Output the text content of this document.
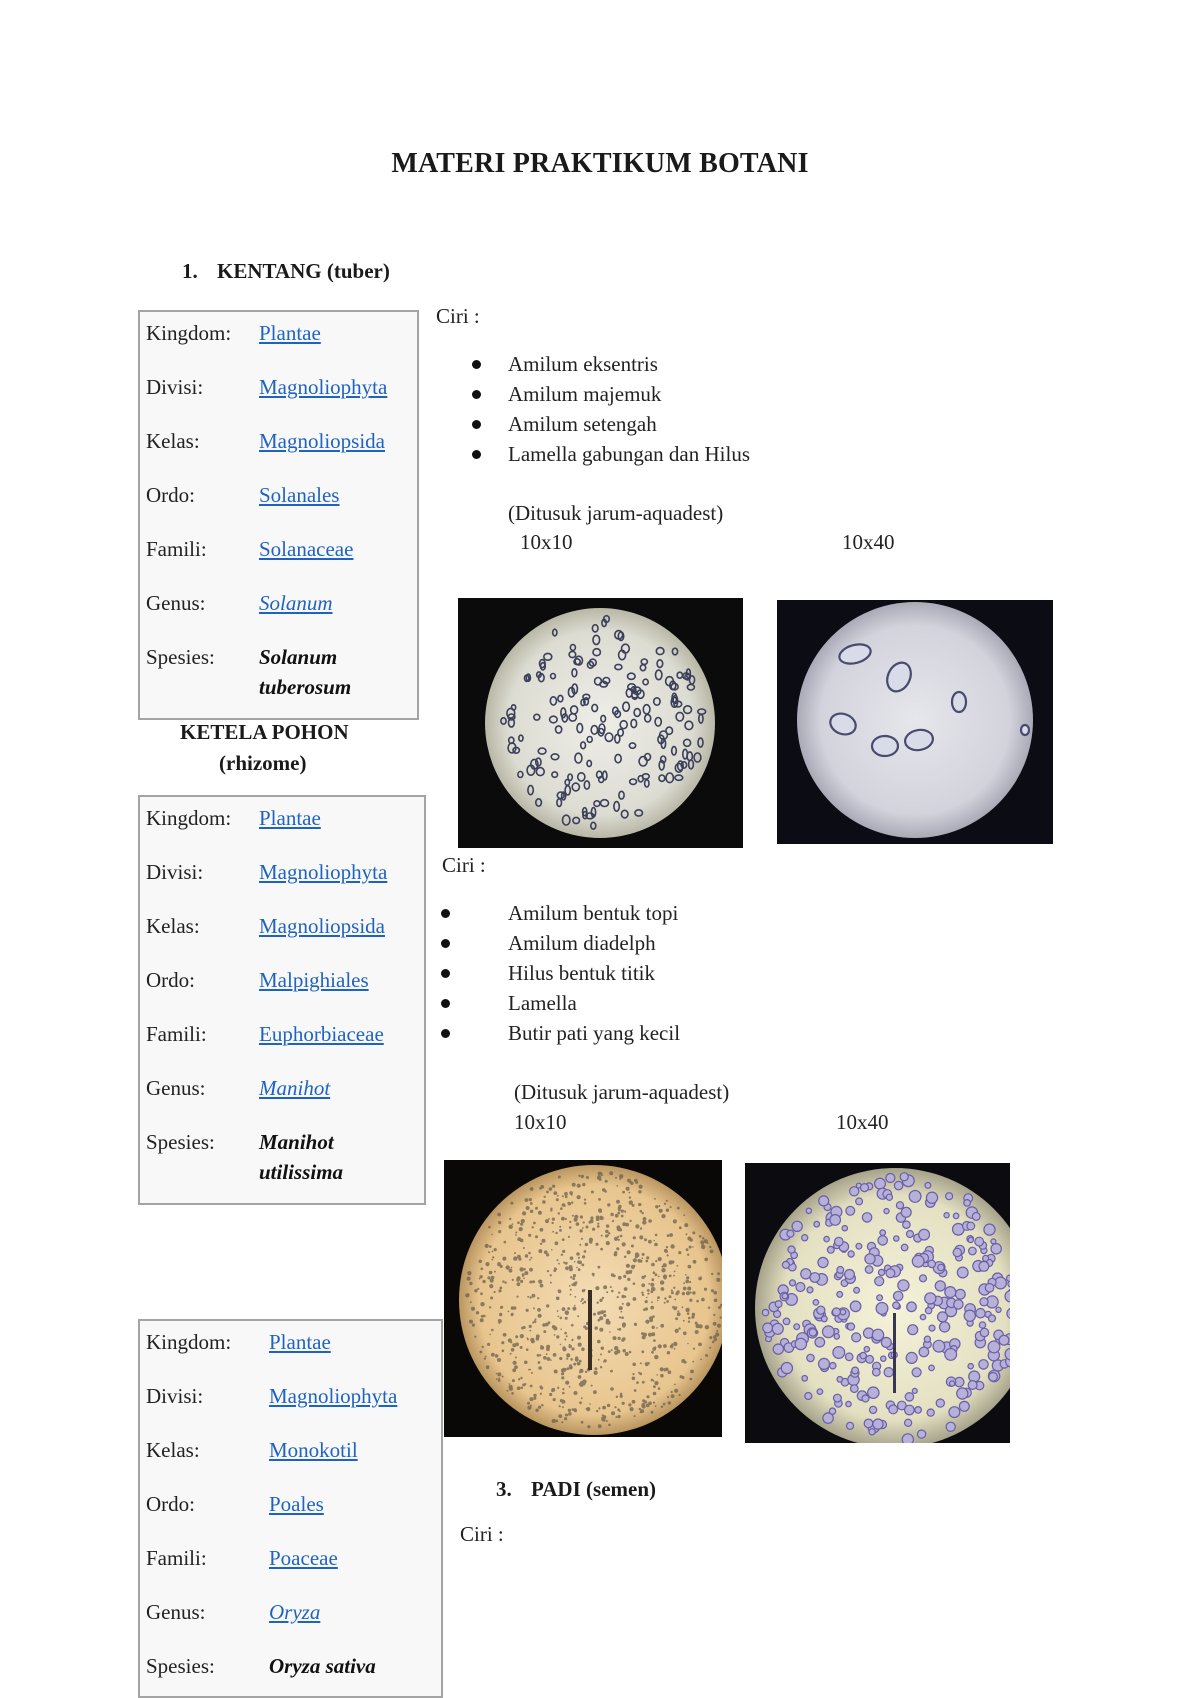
MATERI PRAKTIKUM BOTANI
1. KENTANG (tuber)
Kingdom: Plantae
Divisi:	Magnoliophyta
Kelas:	Magnoliopsida
Ordo:	Solanales
Famili: Solanaceae
Genus:	Solanum
Spesies: Solanum
tuberosum
Ciri :
Amilum eksentris
Amilum majemuk
Amilum setengah
Lamella gabungan dan Hilus
(Ditusuk jarum-aquadest)
10x10	10x40
KETELA POHON
(rhizome)
Kingdom: Plantae
Divisi:	Magnoliophyta
Kelas:	Magnoliopsida
Ordo:	Malpighiales
Famili: Euphorbiaceae
Genus:	Manihot
Spesies: Manihot
utilissima
Ciri :
Amilum bentuk topi
Amilum diadelph
Hilus bentuk titik
Lamella
Butir pati yang kecil
(Ditusuk jarum-aquadest)
10x10	10x40
Kingdom: Plantae
Divisi:	Magnoliophyta
Kelas:	Monokotil
Ordo:	Poales
Famili:	Poaceae
Genus:	Oryza
Spesies:	Oryza sativa
3. PADI (semen)
Ciri :
